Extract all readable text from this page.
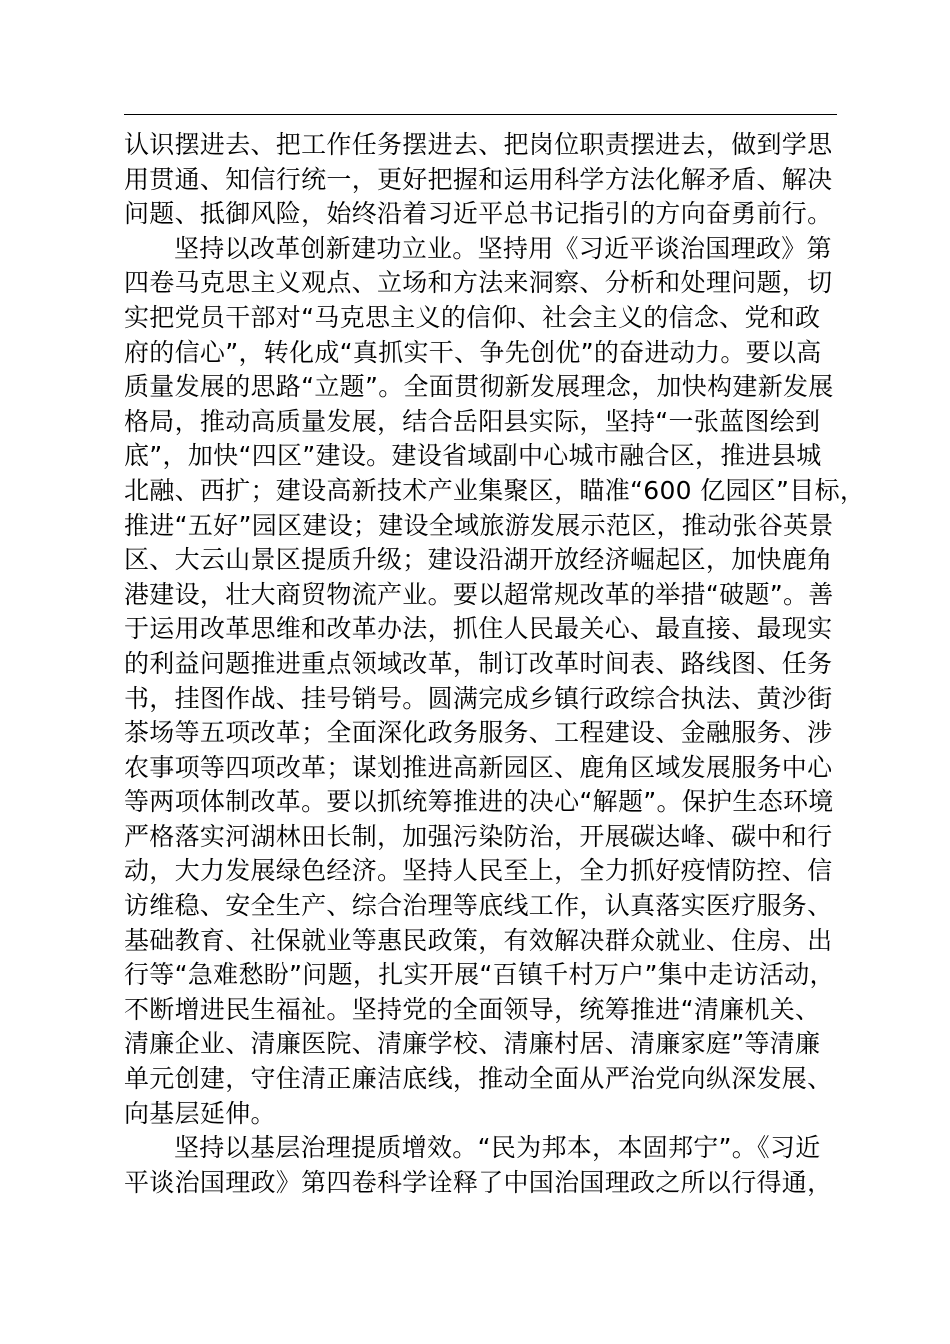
认识摆进去、把工作任务摆进去、把岗位职责摆进去，做到学思
用贯通、知信行统一，更好把握和运用科学方法化解矛盾、解决
问题、抵御风险，始终沿着习近平总书记指引的方向奋勇前行。
坚持以改革创新建功立业。坚持用《习近平谈治国理政》第
四卷马克思主义观点、立场和方法来洞察、分析和处理问题，切
实把党员干部对“马克思主义的信仰、社会主义的信念、党和政
府的信心”，转化成“真抓实干、争先创优”的奋进动力。要以高
质量发展的思路“立题”。全面贯彻新发展理念，加快构建新发展
格局，推动高质量发展，结合岳阳县实际，坚持“一张蓝图绘到
底”，加快“四区”建设。建设省域副中心城市融合区，推进县城
北融、西扩；建设高新技术产业集聚区，瞄准“600 亿园区”目标，
推进“五好”园区建设；建设全域旅游发展示范区，推动张谷英景
区、大云山景区提质升级；建设沿湖开放经济崛起区，加快鹿角
港建设，壮大商贸物流产业。要以超常规改革的举措“破题”。善
于运用改革思维和改革办法，抓住人民最关心、最直接、最现实
的利益问题推进重点领域改革，制订改革时间表、路线图、任务
书，挂图作战、挂号销号。圆满完成乡镇行政综合执法、黄沙街
茶场等五项改革；全面深化政务服务、工程建设、金融服务、涉
农事项等四项改革；谋划推进高新园区、鹿角区域发展服务中心
等两项体制改革。要以抓统筹推进的决心“解题”。保护生态环境
严格落实河湖林田长制，加强污染防治，开展碳达峰、碳中和行
动，大力发展绿色经济。坚持人民至上，全力抓好疫情防控、信
访维稳、安全生产、综合治理等底线工作，认真落实医疗服务、
基础教育、社保就业等惠民政策，有效解决群众就业、住房、出
行等“急难愁盼”问题，扎实开展“百镇千村万户”集中走访活动，
不断增进民生福祉。坚持党的全面领导，统筹推进“清廉机关、
清廉企业、清廉医院、清廉学校、清廉村居、清廉家庭”等清廉
单元创建，守住清正廉洁底线，推动全面从严治党向纵深发展、
向基层延伸。
坚持以基层治理提质增效。“民为邦本，本固邦宁”。《习近
平谈治国理政》第四卷科学诠释了中国治国理政之所以行得通，
